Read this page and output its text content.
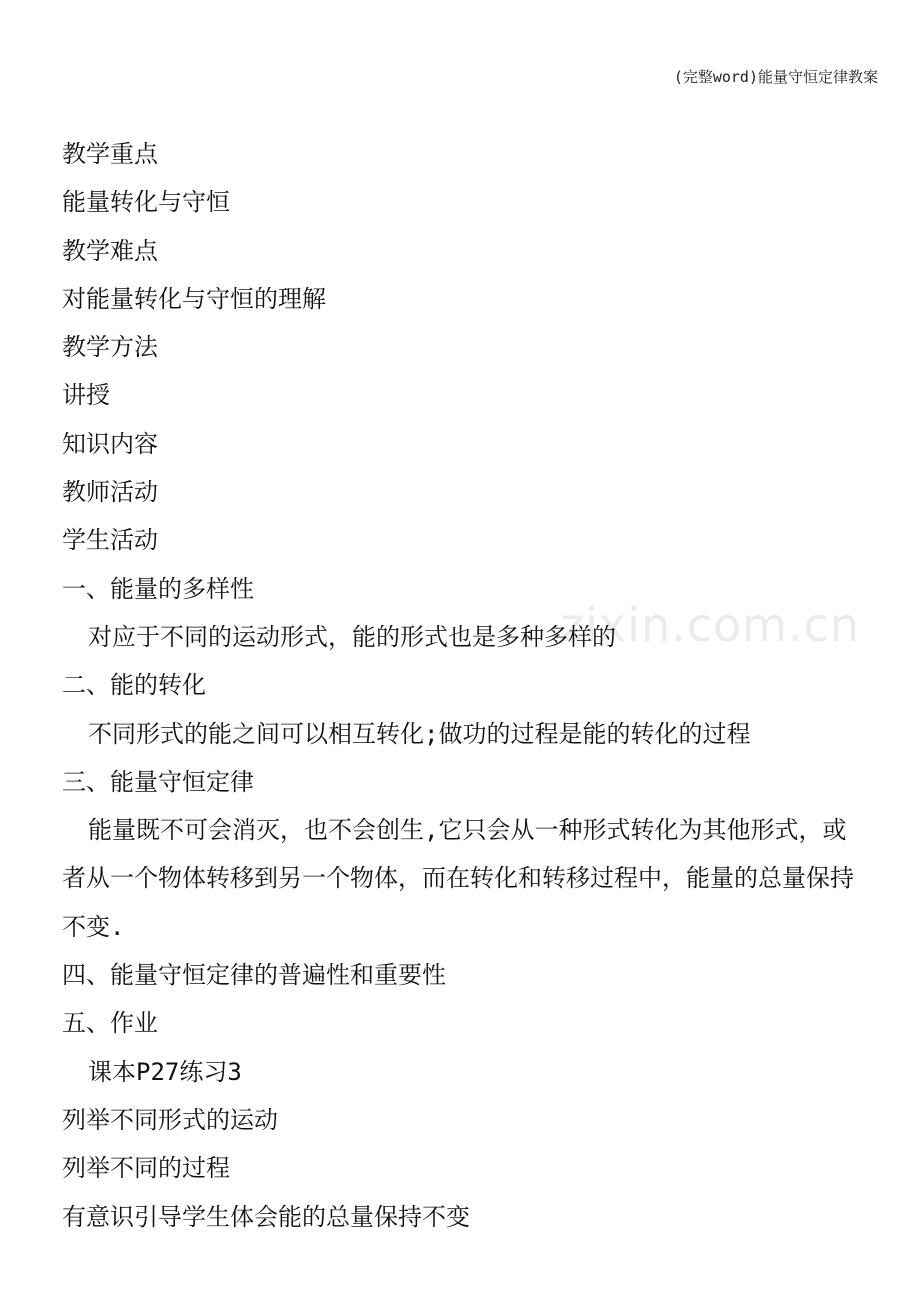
(完整word)能量守恒定律教案
zixin.com.cn
教学重点
能量转化与守恒
教学难点
对能量转化与守恒的理解
教学方法
讲授
知识内容
教师活动
学生活动
一、能量的多样性
对应于不同的运动形式，能的形式也是多种多样的
二、能的转化
不同形式的能之间可以相互转化;做功的过程是能的转化的过程
三、能量守恒定律
能量既不可会消灭，也不会创生,它只会从一种形式转化为其他形式，或者从一个物体转移到另一个物体，而在转化和转移过程中，能量的总量保持不变.
四、能量守恒定律的普遍性和重要性
五、作业
课本P27练习3
列举不同形式的运动
列举不同的过程
有意识引导学生体会能的总量保持不变
